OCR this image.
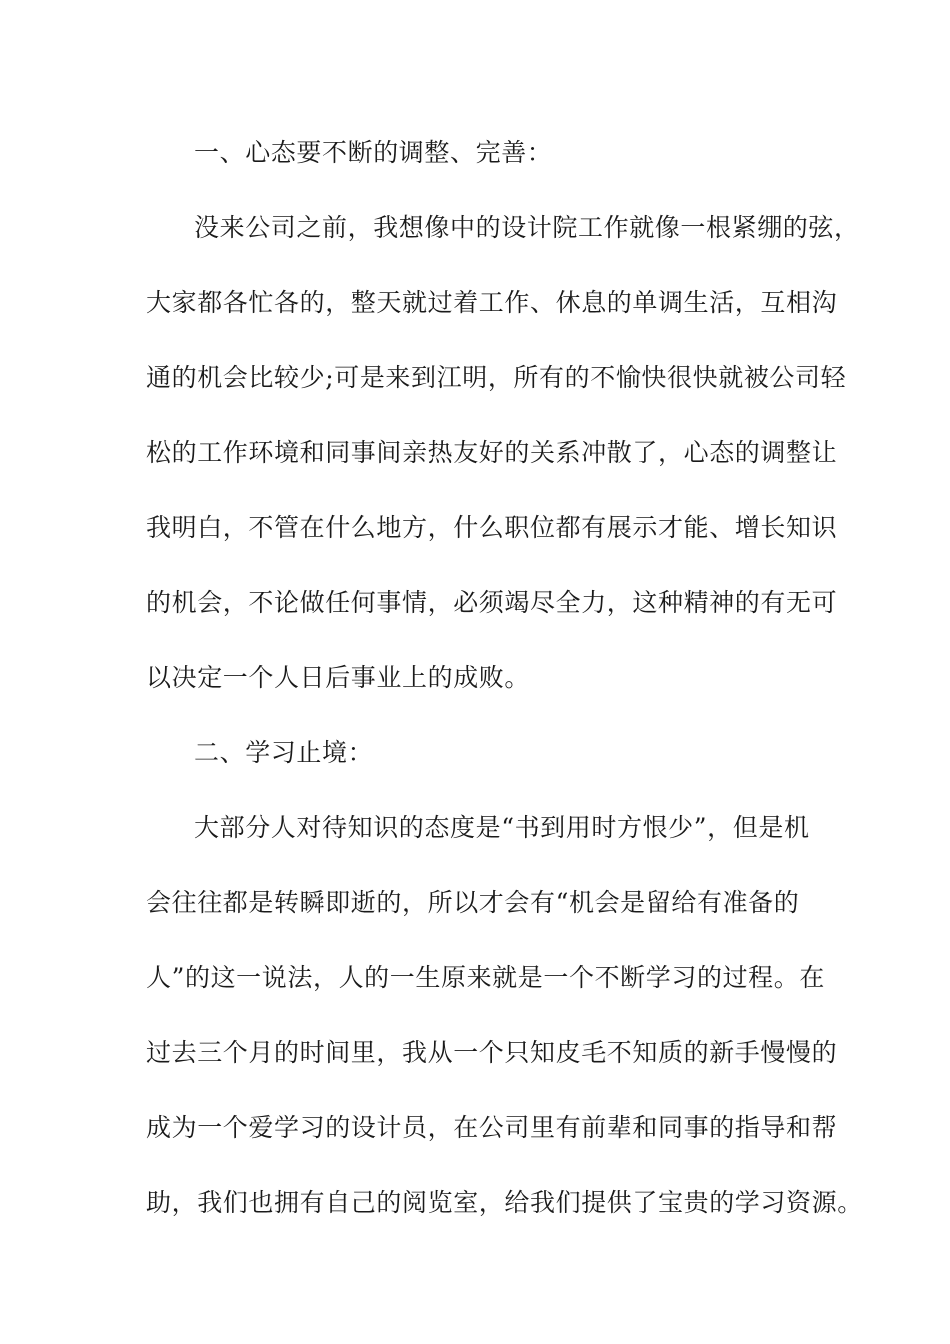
一、心态要不断的调整、完善：
没来公司之前，我想像中的设计院工作就像一根紧绷的弦，
大家都各忙各的，整天就过着工作、休息的单调生活，互相沟
通的机会比较少;可是来到江明，所有的不愉快很快就被公司轻
松的工作环境和同事间亲热友好的关系冲散了，心态的调整让
我明白，不管在什么地方，什么职位都有展示才能、增长知识
的机会，不论做任何事情，必须竭尽全力，这种精神的有无可
以决定一个人日后事业上的成败。
二、学习止境：
大部分人对待知识的态度是“书到用时方恨少”，但是机
会往往都是转瞬即逝的，所以才会有“机会是留给有准备的
人”的这一说法，人的一生原来就是一个不断学习的过程。在
过去三个月的时间里，我从一个只知皮毛不知质的新手慢慢的
成为一个爱学习的设计员，在公司里有前辈和同事的指导和帮
助，我们也拥有自己的阅览室，给我们提供了宝贵的学习资源。
